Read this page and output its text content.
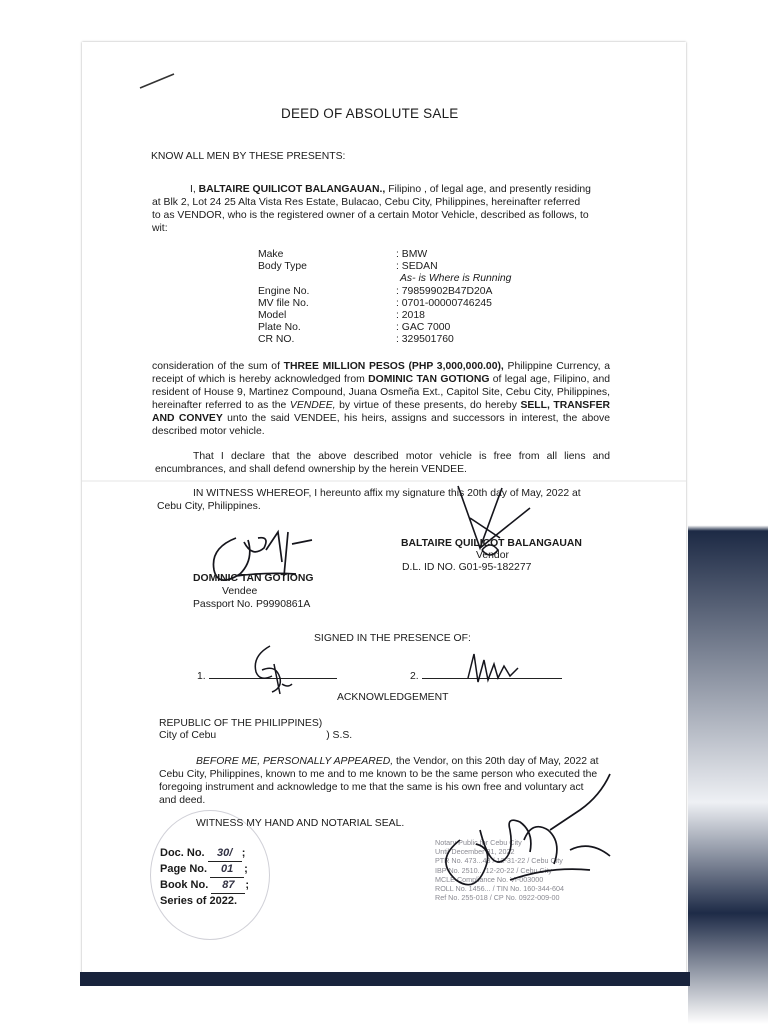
DEED OF ABSOLUTE SALE
KNOW ALL MEN BY THESE PRESENTS:
I, BALTAIRE QUILICOT BALANGAUAN., Filipino , of legal age, and presently residing
at Blk 2, Lot 24 25 Alta Vista Res Estate, Bulacao, Cebu City, Philippines, hereinafter referred
to as VENDOR, who is the registered owner of a certain Motor Vehicle, described as follows, to
wit:
Make	: BMW
Body Type	: SEDAN
As- is Where is Running
Engine No.	: 79859902B47D20A
MV file No.	: 0701-00000746245
Model	: 2018
Plate No.	: GAC 7000
CR NO.	: 329501760
consideration of the sum of THREE MILLION PESOS (PHP 3,000,000.00), Philippine Currency, a receipt of which is hereby acknowledged from DOMINIC TAN GOTIONG of legal age, Filipino, and resident of House 9, Martinez Compound, Juana Osmeña Ext., Capitol Site, Cebu City, Philippines, hereinafter referred to as the VENDEE, by virtue of these presents, do hereby SELL, TRANSFER AND CONVEY unto the said VENDEE, his heirs, assigns and successors in interest, the above described motor vehicle.
That I declare that the above described motor vehicle is free from all liens and encumbrances, and shall defend ownership by the herein VENDEE.
IN WITNESS WHEREOF, I hereunto affix my signature this 20th day of May, 2022 at
Cebu City, Philippines.
BALTAIRE QUILICOT BALANGAUAN
Vendor
D.L. ID NO. G01-95-182277
DOMINIC TAN GOTIONG
Vendee
Passport No. P9990861A
SIGNED IN THE PRESENCE OF:
1.	2.
ACKNOWLEDGEMENT
REPUBLIC OF THE PHILIPPINES)
City of Cebu	) S.S.
BEFORE ME, PERSONALLY APPEARED, the Vendor, on this 20th day of May, 2022 at
Cebu City, Philippines, known to me and to me known to be the same person who executed the
foregoing instrument and acknowledge to me that the same is his own free and voluntary act
and deed.
WITNESS MY HAND AND NOTARIAL SEAL.
Doc. No. 30/ ;
Page No. 01 ;
Book No. 87 ;
Series of 2022.
Notary Public for Cebu City
Until December 31, 2022
PTR No. 473...48 / 12-31-22 / Cebu City
IBP No. 2510.../12-20-22 / Cebu City
MCLE Compliance No. VI-003000
ROLL No. 1456... / TIN No. 160-344-604
Ref No. 255-018 / CP No. 0922-009-00
